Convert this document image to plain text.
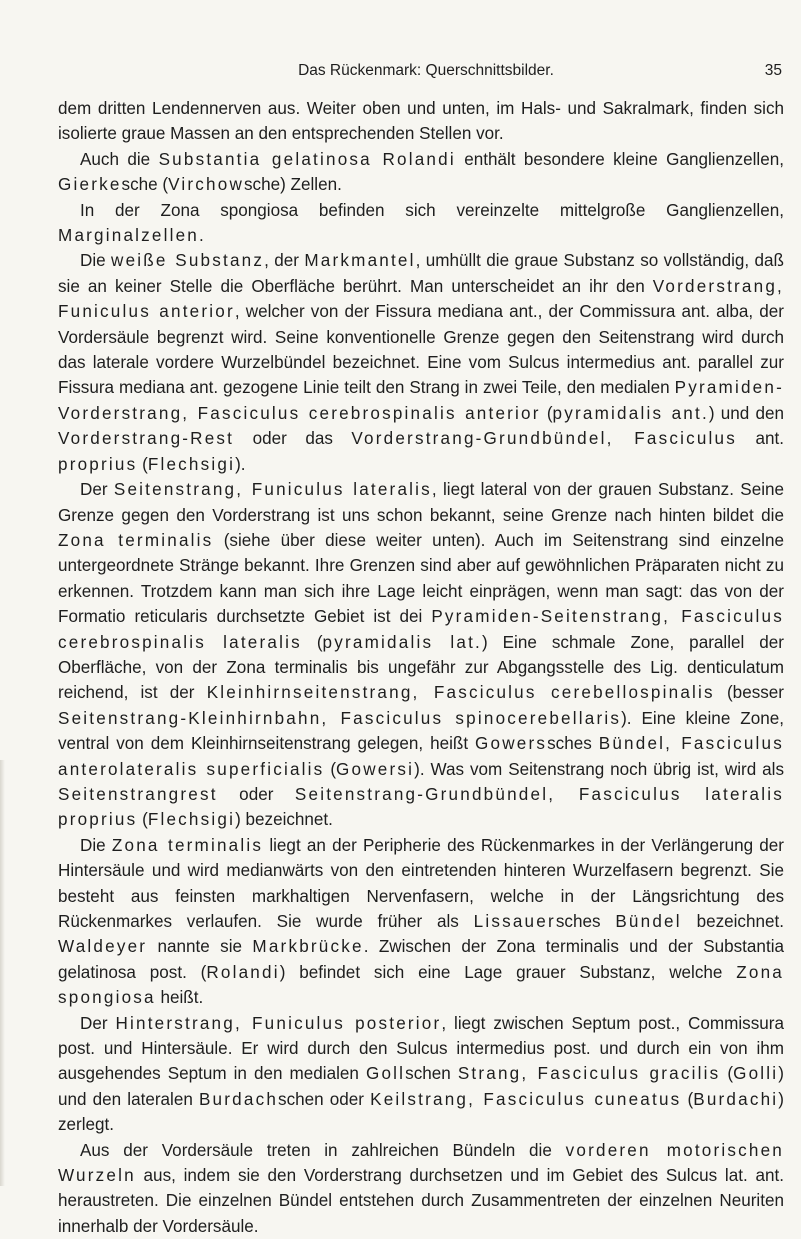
Das Rückenmark: Querschnittsbilder.	35

dem dritten Lendennerven aus. Weiter oben und unten, im Hals- und Sakralmark, finden sich isolierte graue Massen an den entsprechenden Stellen vor.

Auch die Substantia gelatinosa Rolandi enthält besondere kleine Ganglienzellen, Gierkesche (Virchowsche) Zellen.

In der Zona spongiosa befinden sich vereinzelte mittelgroße Ganglienzellen, Marginalzellen.

Die weiße Substanz, der Markmantel, umhüllt die graue Substanz so vollständig, daß sie an keiner Stelle die Oberfläche berührt. Man unterscheidet an ihr den Vorderstrang, Funiculus anterior, welcher von der Fissura mediana ant., der Commissura ant. alba, der Vordersäule begrenzt wird. Seine konventionelle Grenze gegen den Seitenstrang wird durch das laterale vordere Wurzelbündel bezeichnet. Eine vom Sulcus intermedius ant. parallel zur Fissura mediana ant. gezogene Linie teilt den Strang in zwei Teile, den medialen Pyramiden-Vorderstrang, Fasciculus cerebrospinalis anterior (pyramidalis ant.) und den Vorderstrang-Rest oder das Vorderstrang-Grundbündel, Fasciculus ant. proprius (Flechsigi).

Der Seitenstrang, Funiculus lateralis, liegt lateral von der grauen Substanz. Seine Grenze gegen den Vorderstrang ist uns schon bekannt, seine Grenze nach hinten bildet die Zona terminalis (siehe über diese weiter unten). Auch im Seitenstrang sind einzelne untergeordnete Stränge bekannt. Ihre Grenzen sind aber auf gewöhnlichen Präparaten nicht zu erkennen. Trotzdem kann man sich ihre Lage leicht einprägen, wenn man sagt: das von der Formatio reticularis durchsetzte Gebiet ist dei Pyramiden-Seitenstrang, Fasciculus cerebrospinalis lateralis (pyramidalis lat.) Eine schmale Zone, parallel der Oberfläche, von der Zona terminalis bis ungefähr zur Abgangsstelle des Lig. denticulatum reichend, ist der Kleinhirnseitenstrang, Fasciculus cerebellospinalis (besser Seitenstrang-Kleinhirnbahn, Fasciculus spinocerebellaris). Eine kleine Zone, ventral von dem Kleinhirnseitenstrang gelegen, heißt Gowerssches Bündel, Fasciculus anterolateralis superficialis (Gowersi). Was vom Seitenstrang noch übrig ist, wird als Seitenstrangrest oder Seitenstrang-Grundbündel, Fasciculus lateralis proprius (Flechsigi) bezeichnet.

Die Zona terminalis liegt an der Peripherie des Rückenmarkes in der Verlängerung der Hintersäule und wird medianwärts von den eintretenden hinteren Wurzelfasern begrenzt. Sie besteht aus feinsten markhaltigen Nervenfasern, welche in der Längsrichtung des Rückenmarkes verlaufen. Sie wurde früher als Lissauersches Bündel bezeichnet. Waldeyer nannte sie Markbrücke. Zwischen der Zona terminalis und der Substantia gelatinosa post. (Rolandi) befindet sich eine Lage grauer Substanz, welche Zona spongiosa heißt.

Der Hinterstrang, Funiculus posterior, liegt zwischen Septum post., Commissura post. und Hintersäule. Er wird durch den Sulcus intermedius post. und durch ein von ihm ausgehendes Septum in den medialen Gollschen Strang, Fasciculus gracilis (Golli) und den lateralen Burdachschen oder Keilstrang, Fasciculus cuneatus (Burdachi) zerlegt.

Aus der Vordersäule treten in zahlreichen Bündeln die vorderen motorischen Wurzeln aus, indem sie den Vorderstrang durchsetzen und im Gebiet des Sulcus lat. ant. heraustreten. Die einzelnen Bündel entstehen durch Zusammentreten der einzelnen Neuriten innerhalb der Vordersäule.
